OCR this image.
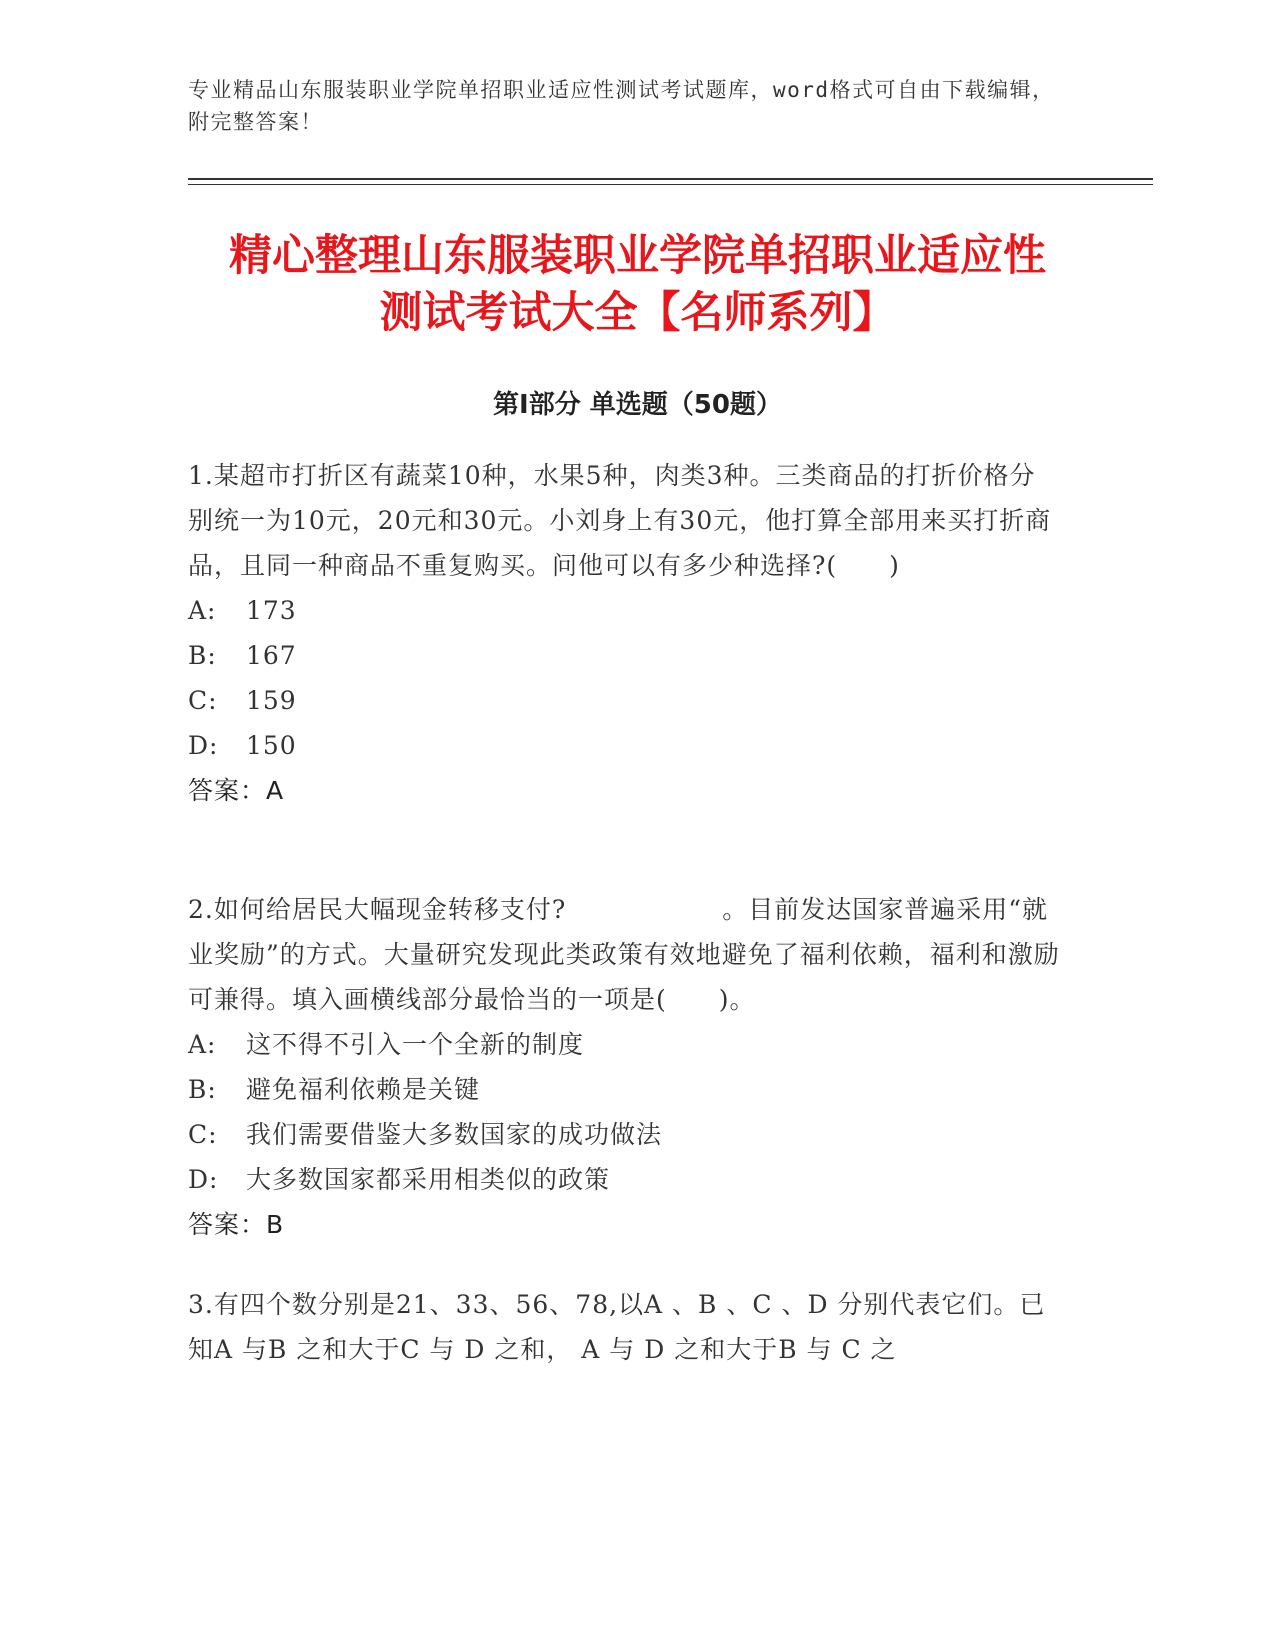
专业精品山东服装职业学院单招职业适应性测试考试题库，word格式可自由下载编辑，附完整答案！
精心整理山东服装职业学院单招职业适应性
测试考试大全【名师系列】
第Ⅰ部分 单选题（50题）

1.某超市打折区有蔬菜10种，水果5种，肉类3种。三类商品的打折价格分 别统一为10元，20元和30元。小刘身上有30元，他打算全部用来买打折商品，且同一种商品不重复购买。问他可以有多少种选择?(　　)

A:	173
B:	167
C:	159
D:	150
答案：A

2.如何给居民大幅现金转移支付?　　　　　　。目前发达国家普遍采用“就业奖励”的方式。大量研究发现此类政策有效地避免了福利依赖，福利和激励可兼得。填入画横线部分最恰当的一项是(　　)。

A:	这不得不引入一个全新的制度
B:	避免福利依赖是关键
C:	我们需要借鉴大多数国家的成功做法
D:	大多数国家都采用相类似的政策
答案：B

3.有四个数分别是21、33、56、78,以A 、B 、C 、D 分别代表它们。已知A 与B 之和大于C 与 D 之和， A 与 D 之和大于B 与 C 之
